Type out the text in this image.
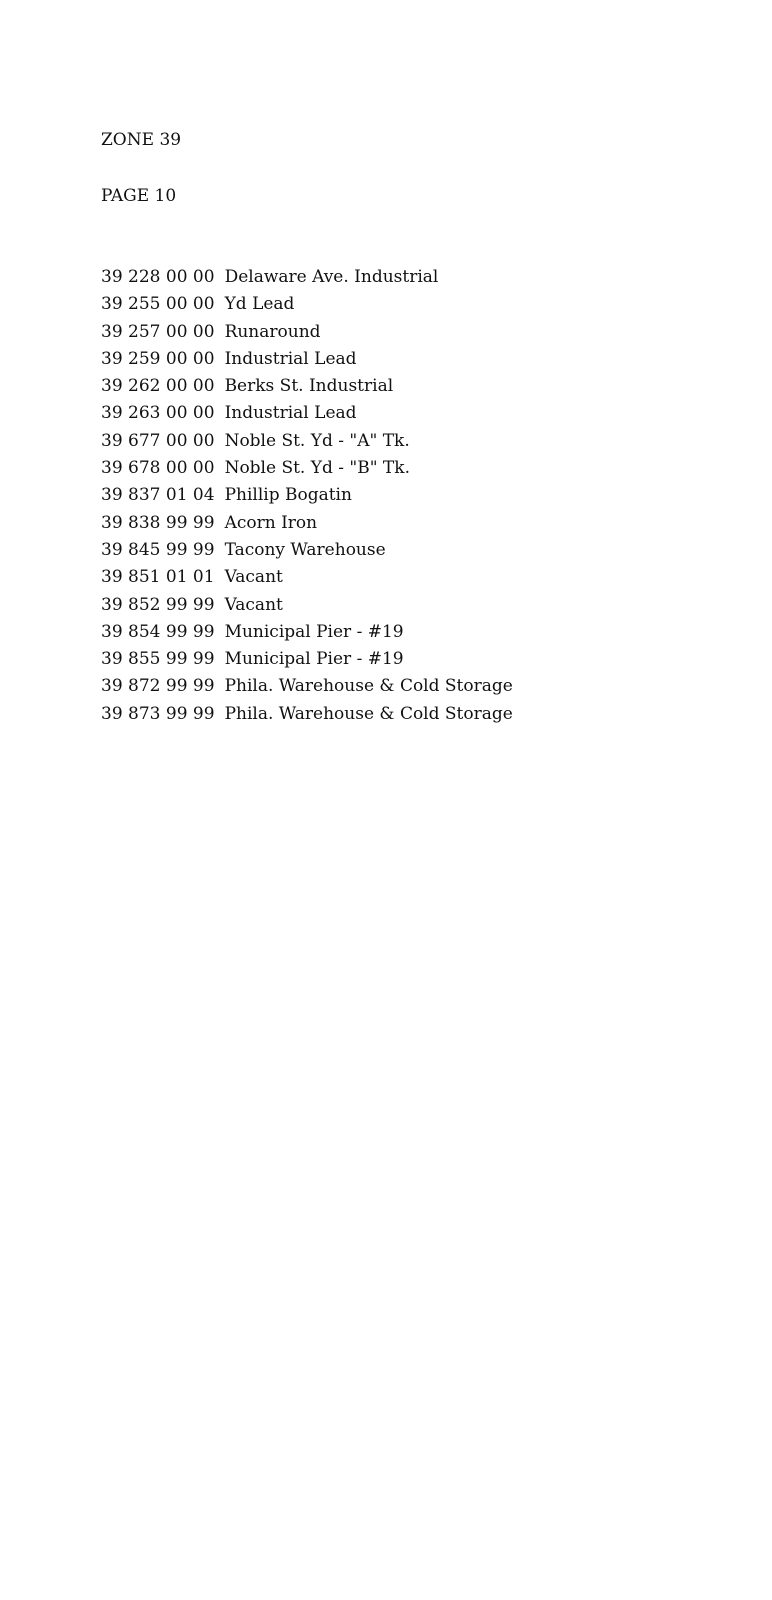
ZONE 39

PAGE 10

39 228 00 00 Delaware Ave. Industrial
39 255 00 00 Yd Lead
39 257 00 00 Runaround
39 259 00 00 Industrial Lead
39 262 00 00 Berks St. Industrial
39 263 00 00 Industrial Lead
39 677 00 00 Noble St. Yd - "A" Tk.
39 678 00 00 Noble St. Yd - "B" Tk.
39 837 01 04 Phillip Bogatin
39 838 99 99 Acorn Iron
39 845 99 99 Tacony Warehouse
39 851 01 01 Vacant
39 852 99 99 Vacant
39 854 99 99 Municipal Pier - #19
39 855 99 99 Municipal Pier - #19
39 872 99 99 Phila. Warehouse & Cold Storage
39 873 99 99 Phila. Warehouse & Cold Storage
